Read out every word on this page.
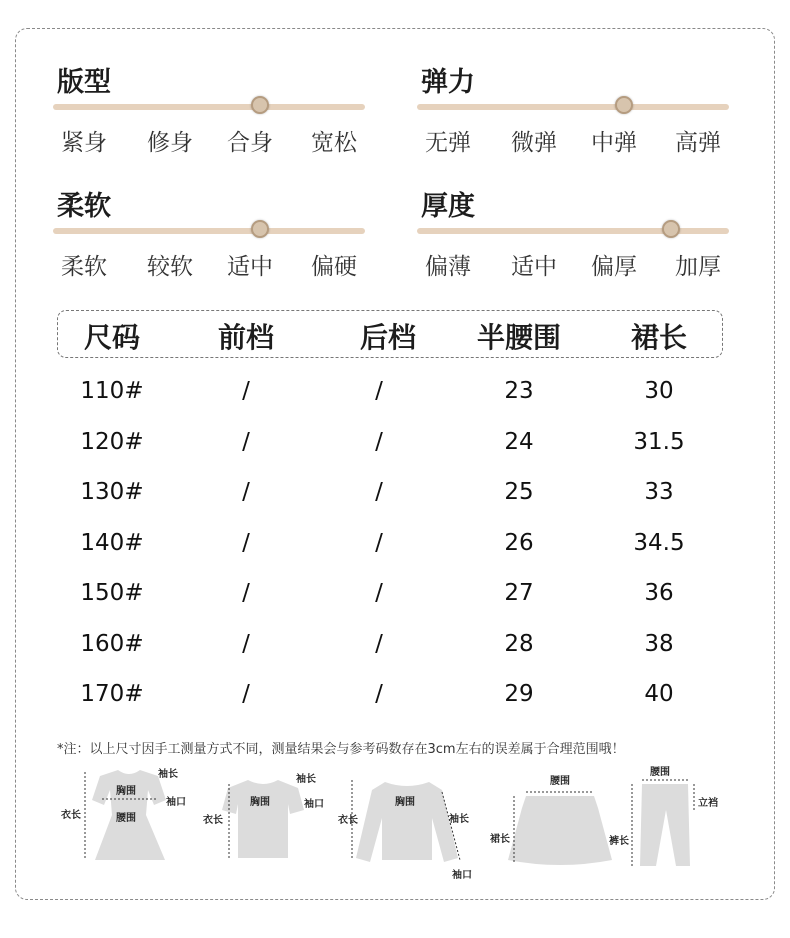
版型
紧身 修身 合身 宽松
弹力
无弹 微弹 中弹 高弹
柔软
柔软 较软 适中 偏硬
厚度
偏薄 适中 偏厚 加厚
尺码	前档	后档 半腰围 裙长
110#	/	/	23	30
120#	/	/	24	31.5
130#	/	/	25	33
140#	/	/	26	34.5
150#	/	/	27	36
160#	/	/	28	38
170#	/	/	29	40
*注：以上尺寸因手工测量方式不同，测量结果会与参考码数存在3cm左右的误差属于合理范围哦！
胸围
腰围
袖长
袖口
衣长
胸围
袖长
袖口
衣长
胸围
袖长
袖口
衣长
腰围
裙长
腰围
立裆
裤长
